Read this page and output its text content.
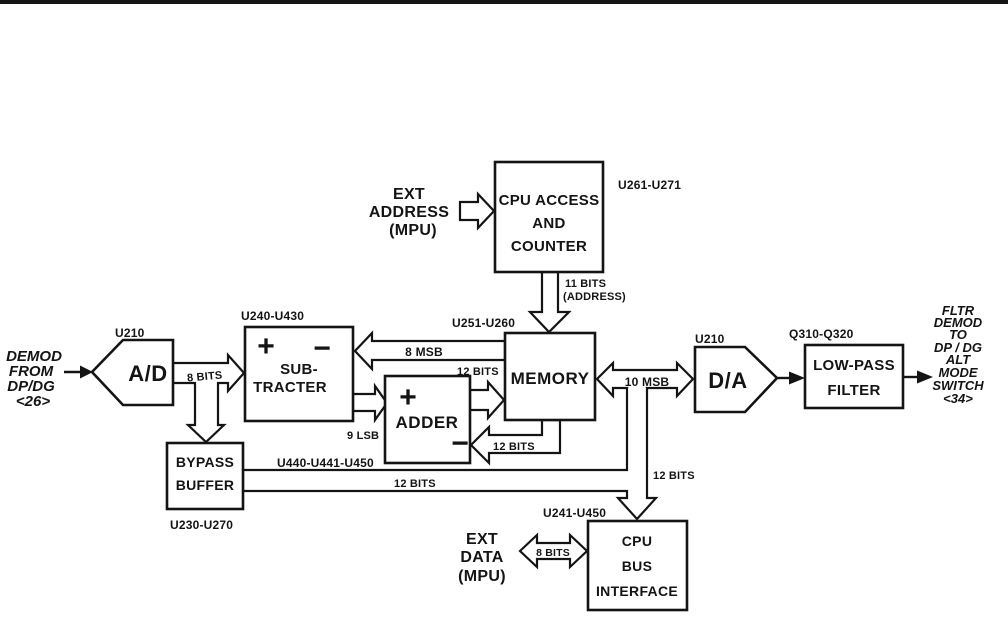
CPU ACCESS
AND
COUNTER
MEMORY
+ −
SUB-
TRACTER +
ADDER
−
BYPASS
BUFFER
CPU
BUS
INTERFACE
A/D	D/A
LOW-PASS
FILTER
U261-U271
U251-U260
U240-U430
U210	U210	Q310-Q320
U230-U270
U241-U450
U440-U441-U450
8 BITS
8 MSB
9 LSB
12 BITS
12 BITS
11 BITS
(ADDRESS)
10 MSB
12 BITS
12 BITS
8 BITS
DEMOD
FROM
DP/DG
<26>
EXT
ADDRESS
(MPU)
EXT
DATA
(MPU)
FLTR
DEMOD
TO
DP / DG
ALT
MODE
SWITCH
<34>
